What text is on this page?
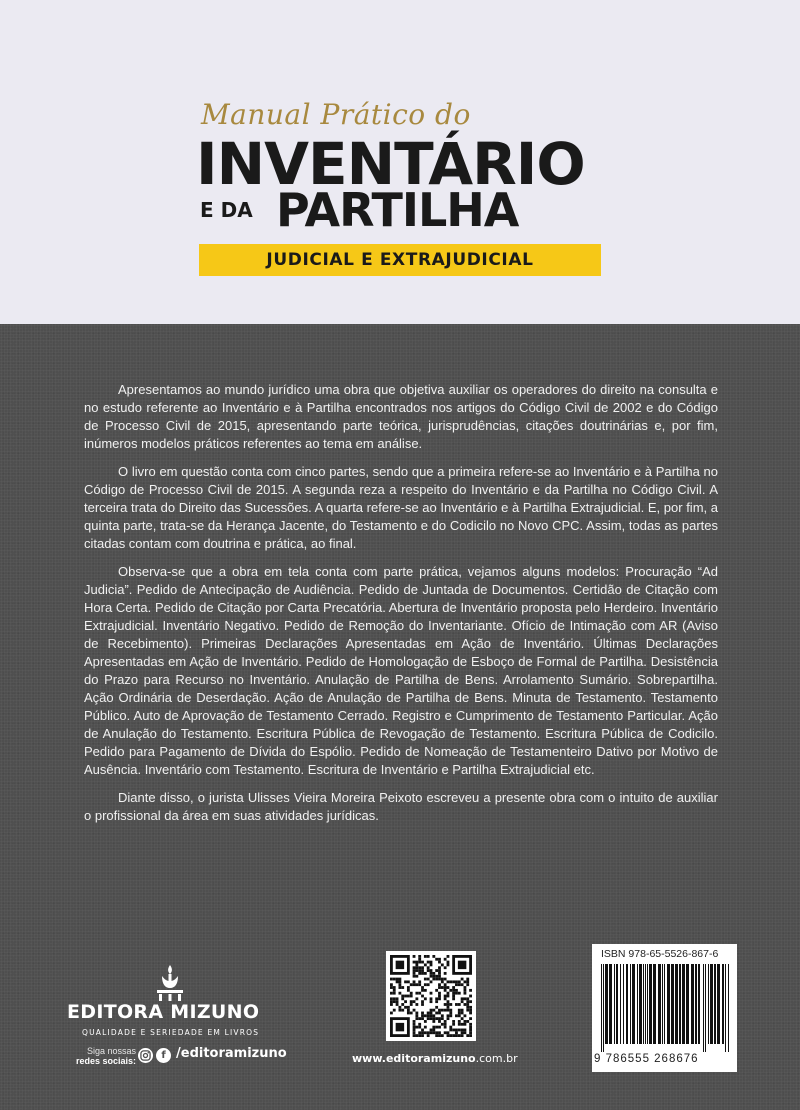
Manual Prático do
INVENTÁRIO
E DA PARTILHA
JUDICIAL E EXTRAJUDICIAL

Apresentamos ao mundo jurídico uma obra que objetiva auxiliar os operadores do direito na consulta e no estudo referente ao Inventário e à Partilha encontrados nos artigos do Código Civil de 2002 e do Código de Processo Civil de 2015, apresentando parte teórica, jurisprudências, citações doutrinárias e, por fim, inúmeros modelos práticos referentes ao tema em análise.

O livro em questão conta com cinco partes, sendo que a primeira refere-se ao Inventário e à Partilha no Código de Processo Civil de 2015. A segunda reza a respeito do Inventário e da Partilha no Código Civil. A terceira trata do Direito das Sucessões. A quarta refere-se ao Inventário e à Partilha Extrajudicial. E, por fim, a quinta parte, trata-se da Herança Jacente, do Testamento e do Codicilo no Novo CPC. Assim, todas as partes citadas contam com doutrina e prática, ao final.

Observa-se que a obra em tela conta com parte prática, vejamos alguns modelos: Procuração “Ad Judicia”. Pedido de Antecipação de Audiência. Pedido de Juntada de Documentos. Certidão de Citação com Hora Certa. Pedido de Citação por Carta Precatória. Abertura de Inventário proposta pelo Herdeiro. Inventário Extrajudicial. Inventário Negativo. Pedido de Remoção do Inventariante. Ofício de Intimação com AR (Aviso de Recebimento). Primeiras Declarações Apresentadas em Ação de Inventário. Últimas Declarações Apresentadas em Ação de Inventário. Pedido de Homologação de Esboço de Formal de Partilha. Desistência do Prazo para Recurso no Inventário. Anulação de Partilha de Bens. Arrolamento Sumário. Sobrepartilha. Ação Ordinária de Deserdação. Ação de Anulação de Partilha de Bens. Minuta de Testamento. Testamento Público. Auto de Aprovação de Testamento Cerrado. Registro e Cumprimento de Testamento Particular. Ação de Anulação do Testamento. Escritura Pública de Revogação de Testamento. Escritura Pública de Codicilo. Pedido para Pagamento de Dívida do Espólio. Pedido de Nomeação de Testamenteiro Dativo por Motivo de Ausência. Inventário com Testamento. Escritura de Inventário e Partilha Extrajudicial etc.

Diante disso, o jurista Ulisses Vieira Moreira Peixoto escreveu a presente obra com o intuito de auxiliar o profissional da área em suas atividades jurídicas.

EDITORA MIZUNO
QUALIDADE E SERIEDADE EM LIVROS
Siga nossas
redes sociais:	f /editoramizuno	www.editoramizuno.com.br
ISBN 978-65-5526-867-6
9 786555 268676
